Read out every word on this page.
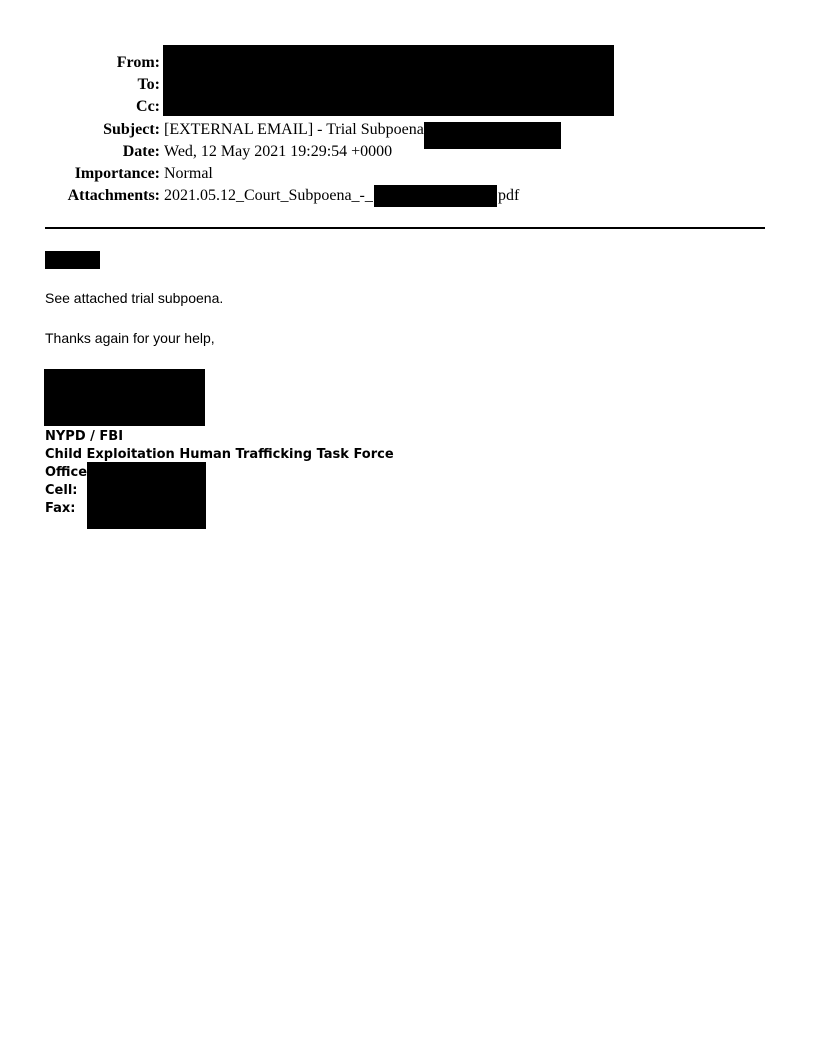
From:
To:
Cc:
Subject: [EXTERNAL EMAIL] - Trial Subpoena
Date: Wed, 12 May 2021 19:29:54 +0000
Importance: Normal
Attachments: 2021.05.12_Court_Subpoena_-_	pdf
See attached trial subpoena.
Thanks again for your help,
NYPD / FBI
Child Exploitation Human Trafficking Task Force
Office
Cell:
Fax:
